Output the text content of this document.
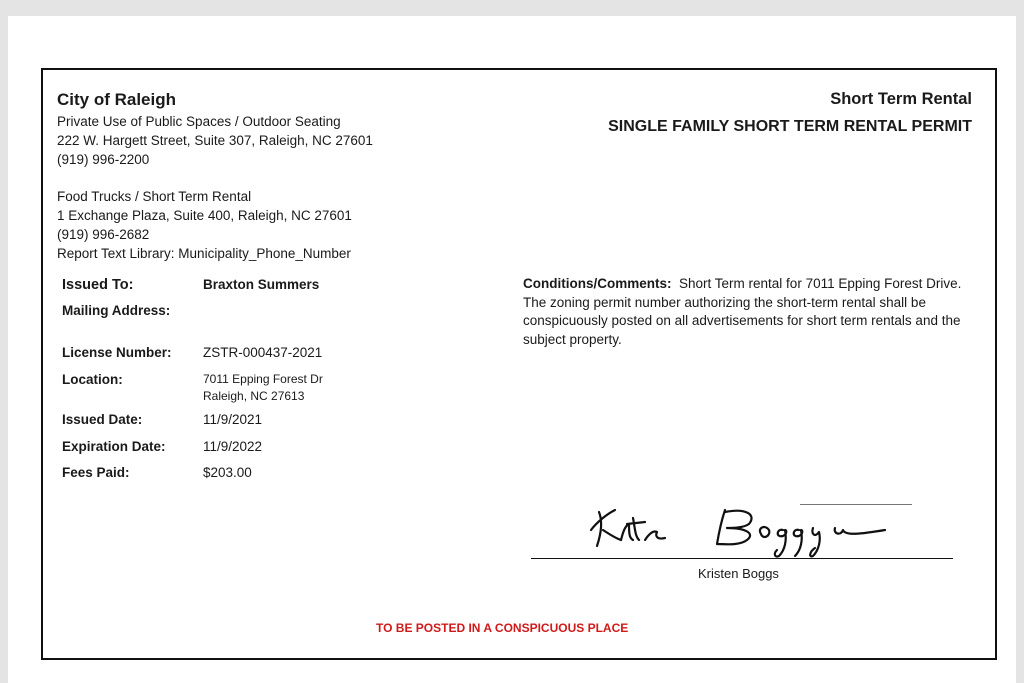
City of Raleigh
Private Use of Public Spaces / Outdoor Seating
222 W. Hargett Street, Suite 307, Raleigh, NC 27601
(919) 996-2200
Food Trucks / Short Term Rental
1 Exchange Plaza, Suite 400, Raleigh, NC 27601
(919) 996-2682
Report Text Library: Municipality_Phone_Number
Short Term Rental
SINGLE FAMILY SHORT TERM RENTAL PERMIT
Issued To:
Mailing Address:
License Number:
Location:
Issued Date:
Expiration Date:
Fees Paid:
Braxton Summers
ZSTR-000437-2021
7011 Epping Forest Dr
Raleigh, NC 27613
11/9/2021
11/9/2022
$203.00
Conditions/Comments: Short Term rental for 7011 Epping Forest Drive. The zoning permit number authorizing the short-term rental shall be conspicuously posted on all advertisements for short term rentals and the subject property.
Kristen Boggs
TO BE POSTED IN A CONSPICUOUS PLACE
